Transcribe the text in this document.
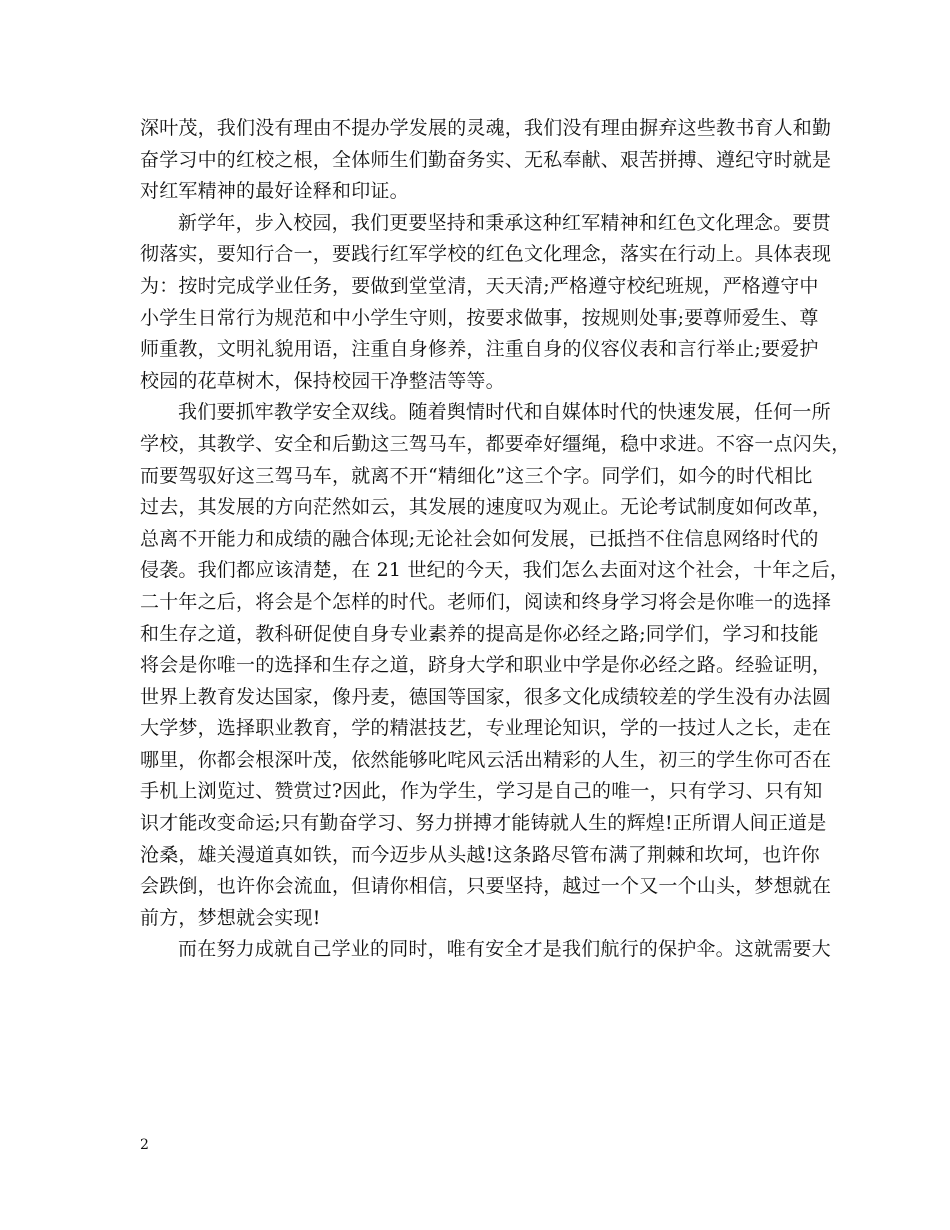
深叶茂，我们没有理由不提办学发展的灵魂，我们没有理由摒弃这些教书育人和勤
奋学习中的红校之根，全体师生们勤奋务实、无私奉献、艰苦拼搏、遵纪守时就是
对红军精神的最好诠释和印证。
新学年，步入校园，我们更要坚持和秉承这种红军精神和红色文化理念。要贯
彻落实，要知行合一，要践行红军学校的红色文化理念，落实在行动上。具体表现
为：按时完成学业任务，要做到堂堂清，天天清;严格遵守校纪班规，严格遵守中
小学生日常行为规范和中小学生守则，按要求做事，按规则处事;要尊师爱生、尊
师重教，文明礼貌用语，注重自身修养，注重自身的仪容仪表和言行举止;要爱护
校园的花草树木，保持校园干净整洁等等。
我们要抓牢教学安全双线。随着舆情时代和自媒体时代的快速发展，任何一所
学校，其教学、安全和后勤这三驾马车，都要牵好缰绳，稳中求进。不容一点闪失，
而要驾驭好这三驾马车，就离不开“精细化”这三个字。同学们，如今的时代相比
过去，其发展的方向茫然如云，其发展的速度叹为观止。无论考试制度如何改革，
总离不开能力和成绩的融合体现;无论社会如何发展，已抵挡不住信息网络时代的
侵袭。我们都应该清楚，在 21 世纪的今天，我们怎么去面对这个社会，十年之后，
二十年之后，将会是个怎样的时代。老师们，阅读和终身学习将会是你唯一的选择
和生存之道，教科研促使自身专业素养的提高是你必经之路;同学们，学习和技能
将会是你唯一的选择和生存之道，跻身大学和职业中学是你必经之路。经验证明，
世界上教育发达国家，像丹麦，德国等国家，很多文化成绩较差的学生没有办法圆
大学梦，选择职业教育，学的精湛技艺，专业理论知识，学的一技过人之长，走在
哪里，你都会根深叶茂，依然能够叱咤风云活出精彩的人生，初三的学生你可否在
手机上浏览过、赞赏过?因此，作为学生，学习是自己的唯一，只有学习、只有知
识才能改变命运;只有勤奋学习、努力拼搏才能铸就人生的辉煌!正所谓人间正道是
沧桑，雄关漫道真如铁，而今迈步从头越!这条路尽管布满了荆棘和坎坷，也许你
会跌倒，也许你会流血，但请你相信，只要坚持，越过一个又一个山头，梦想就在
前方，梦想就会实现!
而在努力成就自己学业的同时，唯有安全才是我们航行的保护伞。这就需要大
2
